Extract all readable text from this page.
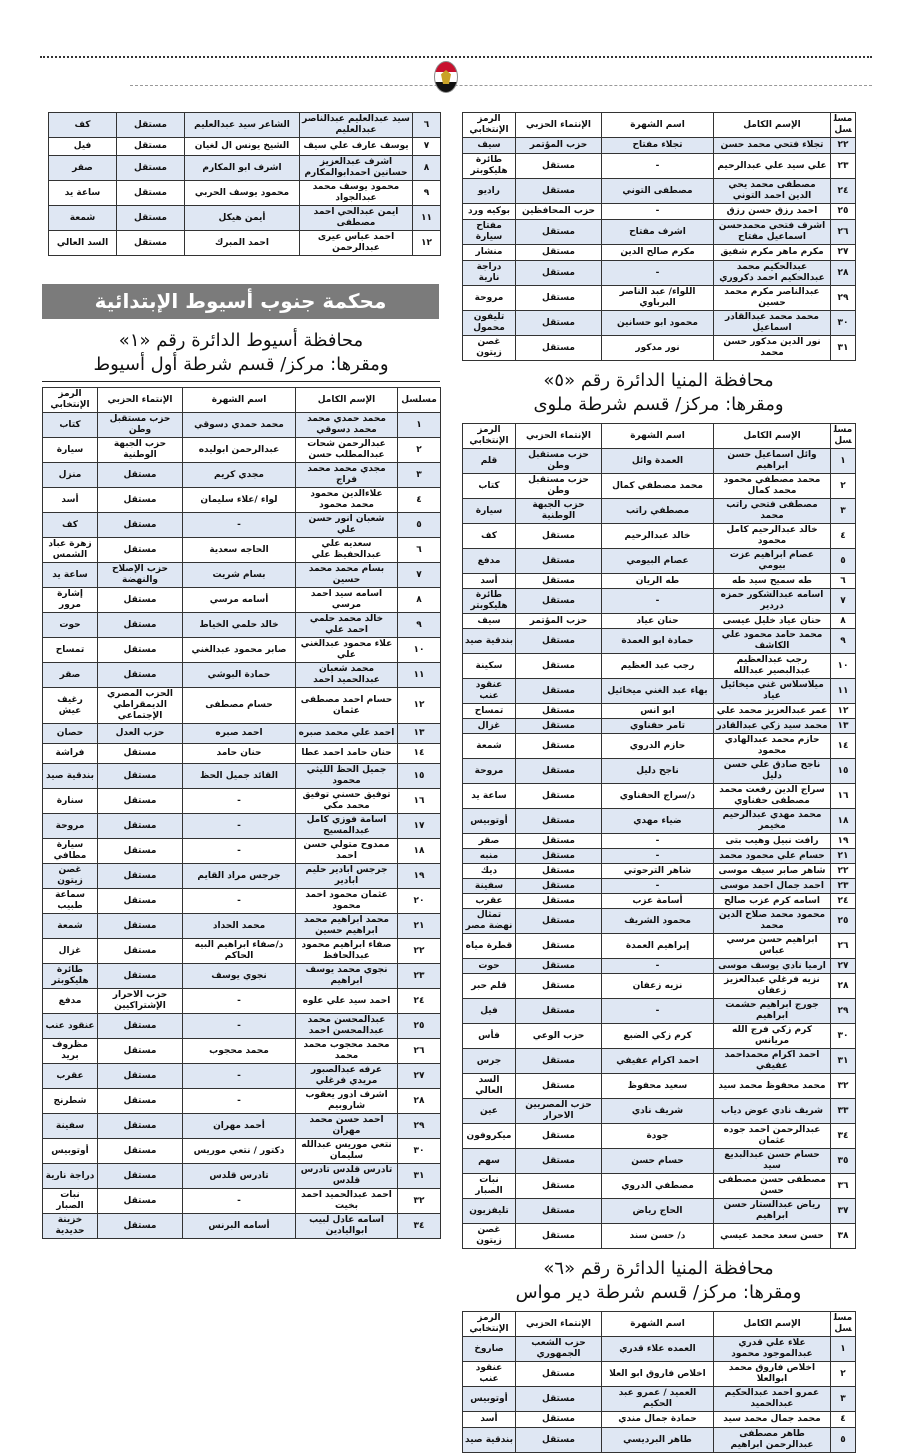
٦	سيد عبدالعليم عبدالناصر عبدالعليم	الشاعر سيد عبدالعليم	مستقل	كف
٧	يوسف عارف علي سيف	الشيخ يونس ال لغيان	مستقل	فيل
٨	اشرف عبدالعزيز حسانين احمدابوالمكارم	اشرف ابو المكارم	مستقل	صقر
٩	محمود يوسف محمد عبدالجواد	محمود يوسف الحربي	مستقل	ساعة يد
١١	ايمن عبدالحي احمد مصطفى	أيمن هيكل	مستقل	شمعة
١٢	احمد عباس عيرى عبدالرحمن	احمد المبرك	مستقل	السد العالي
محكمة جنوب أسيوط الإبتدائية
محافظة أسيوط الدائرة رقم «١»
ومقرها: مركز/ قسم شرطة أول أسيوط
مسلسل	الإسم الكامل	اسم الشهرة	الإنتماء الحزبي	الرمز الإنتخابي
١	محمد حمدي محمد محمد دسوقي	محمد حمدي دسوقي	حزب مستقبل وطن	كتاب
٢	عبدالرحمن شحات عبدالمطلب حسن	عبدالرحمن ابوليده	حزب الجبهة الوطنية	سيارة
٣	مجدي محمد محمد فراج	مجدي كريم	مستقل	منزل
٤	علاءالدين محمود محمد محمود	لواء /علاء سليمان	مستقل	أسد
٥	شعبان انور حسن علي	-	مستقل	كف
٦	سعديه علي عبدالحفيظ علي	الحاجه سعدية	مستقل	زهرة عباد الشمس
٧	بسام محمد محمد حسين	بسام شريت	حزب الإصلاح والنهضة	ساعة يد
٨	اسامه سيد احمد مرسي	أسامه مرسي	مستقل	إشارة مرور
٩	خالد محمد حلمي احمد علي	خالد حلمي الخياط	مستقل	حوت
١٠	علاء محمود عبدالغني علي	صابر محمود عبدالغني	مستقل	تمساح
١١	محمد شعبان عبدالحميد احمد	حمادة البوشي	مستقل	صقر
١٢	حسام احمد مصطفى عثمان	حسام مصطفى	الحزب المصري الديمقراطي الإجتماعي	رغيف عيش
١٣	احمد علي محمد صبره	احمد صبره	حزب العدل	حصان
١٤	حنان حامد احمد عطا	حنان حامد	مستقل	فراشة
١٥	جميل الحظ الليثي محمود	القائد جميل الحظ	مستقل	بندقية صيد
١٦	توفيق حسني توفيق محمد مكي	-	مستقل	سنارة
١٧	اسامة فوزي كامل عبدالمسيح	-	مستقل	مروحة
١٨	ممدوح متولي حسن احمد	-	مستقل	سيارة مطافي
١٩	جرجس ابادير حليم ابادير	جرجس مراد القايم	مستقل	غصن زيتون
٢٠	عثمان محمود احمد محمود	-	مستقل	سماعة طبيب
٢١	محمد ابراهيم محمد ابراهيم حسين	محمد الحداد	مستقل	شمعة
٢٢	صفاء ابراهيم محمود عبدالحافظ	د/صفاء ابراهيم البيه الحاكم	مستقل	غزال
٢٣	نجوي محمد يوسف ابراهيم	نجوي يوسف	مستقل	طائرة هليكوبتر
٢٤	احمد سيد علي علوه	-	حزب الاحرار الإشتراكيين	مدفع
٢٥	عبدالمحسن محمد عبدالمحسن احمد	-	مستقل	عنقود عنب
٢٦	محمد محجوب محمد محمد	محمد محجوب	مستقل	مظروف بريد
٢٧	عرفه عبدالصبور مريدي فرغلي	-	مستقل	عقرب
٢٨	اشرف ادور يعقوب شاروبيم	-	مستقل	شطرنج
٢٩	احمد حسن محمد مهران	أحمد مهران	مستقل	سفينة
٣٠	نتعي موريس عبدالله سليمان	دكتور / نتعي موريس	مستقل	أوتوبيس
٣١	تادرس قلدس تادرس قلدس	تادرس قلدس	مستقل	دراجة نارية
٣٢	احمد عبدالحميد احمد بخيت	-	مستقل	نبات الصبار
٣٤	اسامه عادل لبيب ابواليادين	أسامه البرنس	مستقل	خزينة حديدية
مسلسل	الإسم الكامل	اسم الشهرة	الإنتماء الحزبي	الرمز الإنتخابي
٢٢	تجلاء فتحي محمد حسن	تجلاء مفتاح	حزب المؤتمر	سيف
٢٣	علي سيد علي عبدالرحيم	-	مستقل	طائرة هليكوبتر
٢٤	مصطفى محمد يحي الدين احمد التوني	مصطفى التوني	مستقل	راديو
٢٥	احمد رزق حسن رزق	-	حزب المحافظين	بوكيه ورد
٢٦	اشرف فتحي محمدحسن اسماعيل مفتاح	اشرف مفتاح	مستقل	مفتاح سيارة
٢٧	مكرم ماهر مكرم شفيق	مكرم صالح الدين	مستقل	منشار
٢٨	عبدالحكيم محمد عبدالحكيم احمد دكروري	-	مستقل	دراجة نارية
٢٩	عبدالناصر مكرم محمد حسين	اللواء/ عبد الناصر البرباوي	مستقل	مروحة
٣٠	محمد محمد عبدالقادر اسماعيل	محمود ابو حسانين	مستقل	تليفون محمول
٣١	نور الدين مدكور حسن محمد	نور مدكور	مستقل	غصن زيتون
محافظة المنيا الدائرة رقم «٥»
ومقرها: مركز/ قسم شرطة ملوى
مسلسل	الإسم الكامل	اسم الشهرة	الإنتماء الحزبي	الرمز الإنتخابي
١	وائل اسماعيل حسن ابراهيم	العمدة وائل	حزب مستقبل وطن	قلم
٢	محمد مصطفي محمود محمد كمال	محمد مصطفي كمال	حزب مستقبل وطن	كتاب
٣	مصطفى فتحي راتب محمد	مصطفي راتب	حزب الجبهة الوطنية	سيارة
٤	خالد عبدالرحيم كامل محمود	خالد عبدالرحيم	مستقل	كف
٥	عصام ابراهيم عزت بيومي	عصام البيومي	مستقل	مدفع
٦	طه سميح سيد طه	طه الريان	مستقل	أسد
٧	اسامه عبدالشكور حمزه دردير	-	مستقل	طائرة هليكوبتر
٨	حنان عياد خليل عيسى	حنان عياد	حزب المؤتمر	سيف
٩	محمد حامد محمود علي الكاشف	حمادة ابو العمدة	مستقل	بندقية صيد
١٠	رجب عبدالعظيم عبدالبصير عبدالله	رجب عبد العظيم	مستقل	سكينة
١١	ميلاسلاس غني ميخائيل عياد	بهاء عبد الغني ميخائيل	مستقل	عنقود عنب
١٢	عمر عبدالعزيز محمد علي	ابو انس	مستقل	تمساح
١٣	محمد سيد زكي عبدالقادر	تامر حفناوي	مستقل	غزال
١٤	حازم محمد عبدالهادي محمود	حازم الدروي	مستقل	شمعة
١٥	ناجح صادق علي حسن دليل	ناجح دليل	مستقل	مروحة
١٦	سراج الدين رفعت محمد مصطفى حفناوي	د/سراج الحفناوي	مستقل	ساعة يد
١٨	محمد مهدي عبدالرحيم مخيمر	ضياء مهدي	مستقل	أوتوبيس
١٩	رافت نبيل وهيب بتى	-	مستقل	صقر
٢١	حسام علي محمود محمد	-	مستقل	منبه
٢٢	شاهر صابر سيف موسى	شاهر الترحوتي	مستقل	ديك
٢٣	احمد جمال احمد موسى	-	مستقل	سفينة
٢٤	اسامه كرم عزب صالح	أسامة عزب	مستقل	عقرب
٢٥	محمود محمد صلاح الدين محمد	محمود الشريف	مستقل	تمثال نهضة مصر
٢٦	ابراهيم حسن مرسي عباس	إبراهيم العمدة	مستقل	قطرة مياه
٢٧	ارميا نادي يوسف موسى	-	مستقل	حوت
٢٨	نزيه فرغلي عبدالعزيز زعفان	نزيه زعفان	مستقل	قلم حبر
٢٩	جورج ابراهيم حشمت ابراهيم	-	مستقل	فيل
٣٠	كرم زكي فرج الله مريانس	كرم زكي الضبع	حزب الوعي	فأس
٣١	احمد اكرام محمداحمد عفيفي	احمد اكرام عفيفي	مستقل	جرس
٣٢	محمد محفوظ محمد سيد	سعيد محفوظ	مستقل	السد العالي
٣٣	شريف نادي عوض دياب	شريف نادي	حزب المصريين الاحرار	عين
٣٤	عبدالرحمن احمد جوده عثمان	جودة	مستقل	ميكروفون
٣٥	حسام حسن عبدالبديع سيد	حسام حسن	مستقل	سهم
٣٦	مصطفى حسن مصطفى حسن	مصطفي الدروي	مستقل	نبات الصبار
٣٧	رياض عبدالستار حسن ابراهيم	الحاج رياض	مستقل	تليفزيون
٣٨	حسن سعد محمد عيسي	د/ حسن سند	مستقل	غصن زيتون
محافظة المنيا الدائرة رقم «٦»
ومقرها: مركز/ قسم شرطة دير مواس
مسلسل	الإسم الكامل	اسم الشهرة	الإنتماء الحزبي	الرمز الإنتخابي
١	علاء علي قدري عبدالموجود محمود	العمده علاء قدري	حزب الشعب الجمهوري	صاروخ
٢	اخلاص فاروق محمد ابوالعلا	اخلاص فاروق ابو العلا	مستقل	عنقود عنب
٣	عمرو احمد عبدالحكيم عبدالحميد	العميد / عمرو عبد الحكيم	مستقل	أوتوبيس
٤	محمد جمال محمد سيد	حمادة جمال مندي	مستقل	أسد
٥	طاهر مصطفى عبدالرحمن ابراهيم	طاهر البرديسي	مستقل	بندقية صيد
